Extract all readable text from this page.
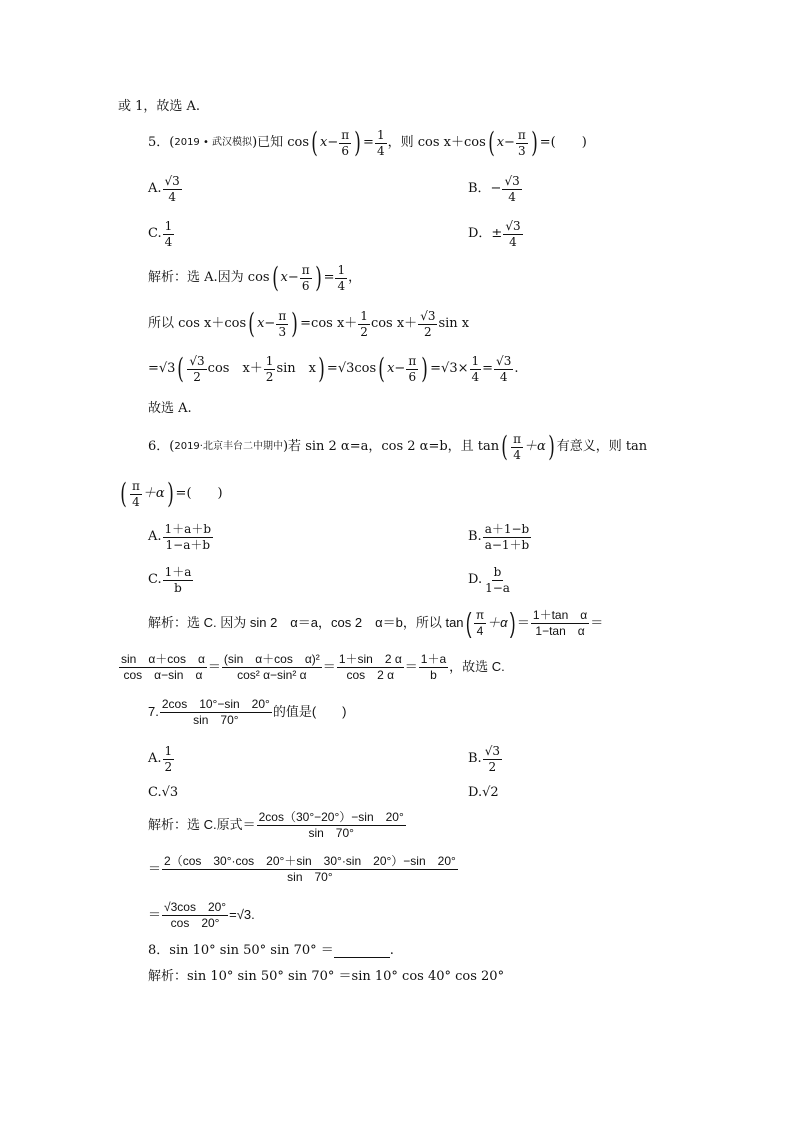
或 1，故选 A.
5．( 2019 • 武汉模拟 )已知 cos ( $x- \frac{\pi}{6}$ ) = $\frac{1}{4}$ ，则 cos x＋cos ( $x- \frac{\pi}{3}$ ) =(　　)
A. $\frac{√3}{4}$	B．− $\frac{√3}{4}$
C. $\frac{1}{4}$	D．± $\frac{√3}{4}$
解析：选 A.因为 cos ( $x- \frac{\pi}{6}$ ) = $\frac{1}{4}$ ，
所以 cos x＋cos ( $x- \frac{\pi}{3}$ ) =cos $x+ \frac{1}{2}$ $\cos x+ \frac{√3}{2}$ sin x
=√3 ( $\frac{√3}{2}$ cos　$x+ \frac{1}{2}$ sin　x ) =√3cos ( $x- \frac{\pi}{6}$ ) $=√3\times \frac{1}{4} = \frac{√3}{4}$ .
故选 A.
6．( 2019·北京丰台二中期中 )若 sin 2 α=a，cos 2 α=b，且 tan ( $\frac{\pi}{4} +\alpha$ ) 有意义，则 tan
( $\frac{\pi}{4} +\alpha$ ) =(　　)
A. $\frac{1+a+b}{1-a+b}$	B. $\frac{a+1-b}{a-1+b}$
C. $\frac{1+a}{b}$	D. $\frac{b}{1-a}$
解析：选 C. 因为 sin 2　α＝a，cos 2　α＝b，所以 tan ( $\frac{\pi}{4} +\alpha$ ) ＝ $\frac{\text{1＋tan　α}}{\text{1−tan　α}}$ ＝
$\frac{\text{sin　α＋cos　α}}{\text{cos　α−sin　α}} = \frac{\text{(sin　α＋cos　α)²}}{\text{cos² α−sin² α}} = \frac{1+\sin 2 \alpha}{\cos 2 \alpha} = \frac{1+a}{b}$ ，故选 C.
7. $\frac{2\cos 10^\circ-\sin 20^\circ}{\sin 70^\circ}$ 的值是(　　)
A. $\frac{1}{2}$	B. $\frac{√3}{2}$
C.√3	D.√2
解析：选 C.原式＝ $\frac{2\cos(30^\circ-20^\circ)-\sin 20^\circ}{\sin 70^\circ}$
＝ $\frac{2(\cos 30^\circ\cdot\cos 20^\circ+\sin 30^\circ\cdot\sin 20^\circ)-\sin 20^\circ}{\sin 70^\circ}$
＝ $\frac{√3\cos 20^\circ}{\cos 20^\circ} =√3$.
8．sin 10° sin 50° sin 70° ＝	.
解析：sin 10° sin 50° sin 70° ＝sin 10° cos 40° cos 20°
